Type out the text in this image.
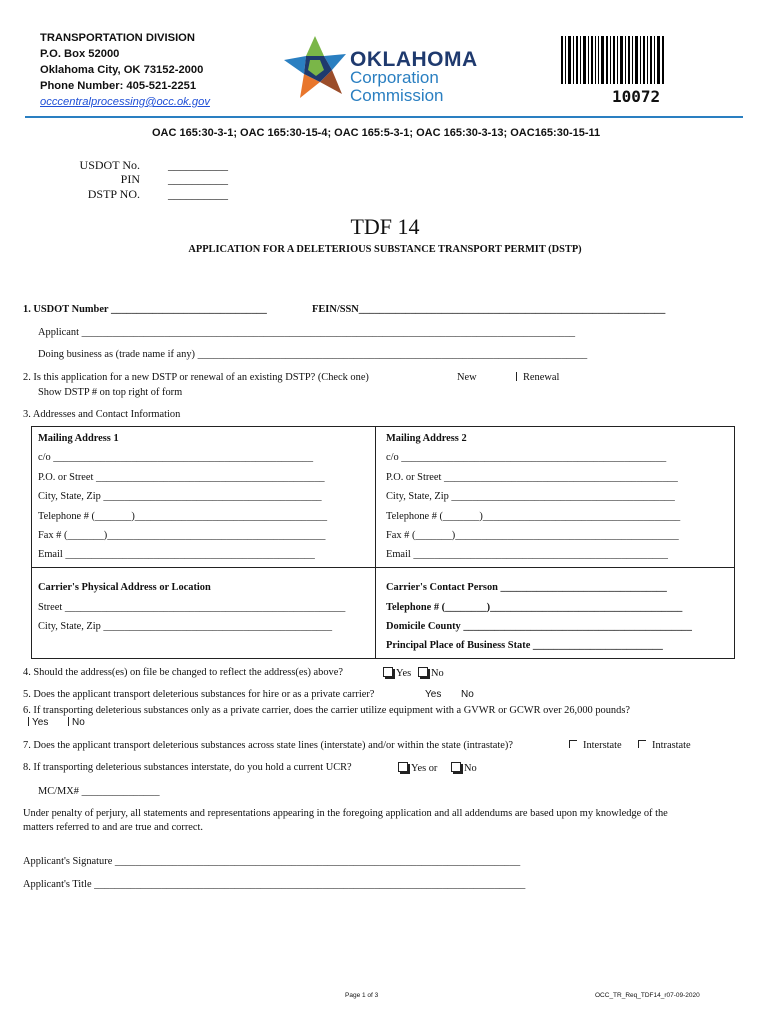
TRANSPORTATION DIVISION
P.O. Box 52000
Oklahoma City, OK 73152-2000
Phone Number: 405-521-2251
occcentralprocessing@occ.ok.gov
OKLAHOMA
Corporation
Commission	10072
OAC 165:30-3-1; OAC 165:30-15-4; OAC 165:5-3-1; OAC 165:30-3-13; OAC165:30-15-11
USDOT No. __________
PIN __________
DSTP NO. __________
TDF 14
APPLICATION FOR A DELETERIOUS SUBSTANCE TRANSPORT PERMIT (DSTP)
1. USDOT Number ______________________________	FEIN/SSN___________________________________________________________
Applicant _______________________________________________________________________________________________
Doing business as (trade name if any) ___________________________________________________________________________
2. Is this application for a new DSTP or renewal of an existing DSTP? (Check one)	New	Renewal
Show DSTP # on top right of form
3. Addresses and Contact Information
Mailing Address 1
c/o __________________________________________________
P.O. or Street ____________________________________________
City, State, Zip __________________________________________
Telephone # (_______)_____________________________________
Fax # (_______)__________________________________________
Email ________________________________________________
Mailing Address 2
c/o ___________________________________________________
P.O. or Street _____________________________________________
City, State, Zip ___________________________________________
Telephone # (_______)______________________________________
Fax # (_______)___________________________________________
Email _________________________________________________
Carrier's Physical Address or Location
Street ______________________________________________________
City, State, Zip ____________________________________________
Carrier's Contact Person ________________________________
Telephone # (________)_____________________________________
Domicile County ____________________________________________
Principal Place of Business State _________________________
4. Should the address(es) on file be changed to reflect the address(es) above?	Yes	No
5. Does the applicant transport deleterious substances for hire or as a private carrier?	Yes No
6. If transporting deleterious substances only as a private carrier, does the carrier utilize equipment with a GVWR or GCWR over 26,000 pounds?
Yes	No
7. Does the applicant transport deleterious substances across state lines (interstate) and/or within the state (intrastate)?	Interstate	Intrastate
8. If transporting deleterious substances interstate, do you hold a current UCR?	Yes or	No
MC/MX# _______________
Under penalty of perjury, all statements and representations appearing in the foregoing application and all addendums are based upon my knowledge of the
matters referred to and are true and correct.
Applicant's Signature ______________________________________________________________________________
Applicant's Title ___________________________________________________________________________________
Page 1 of 3	OCC_TR_Req_TDF14_r07-09-2020
